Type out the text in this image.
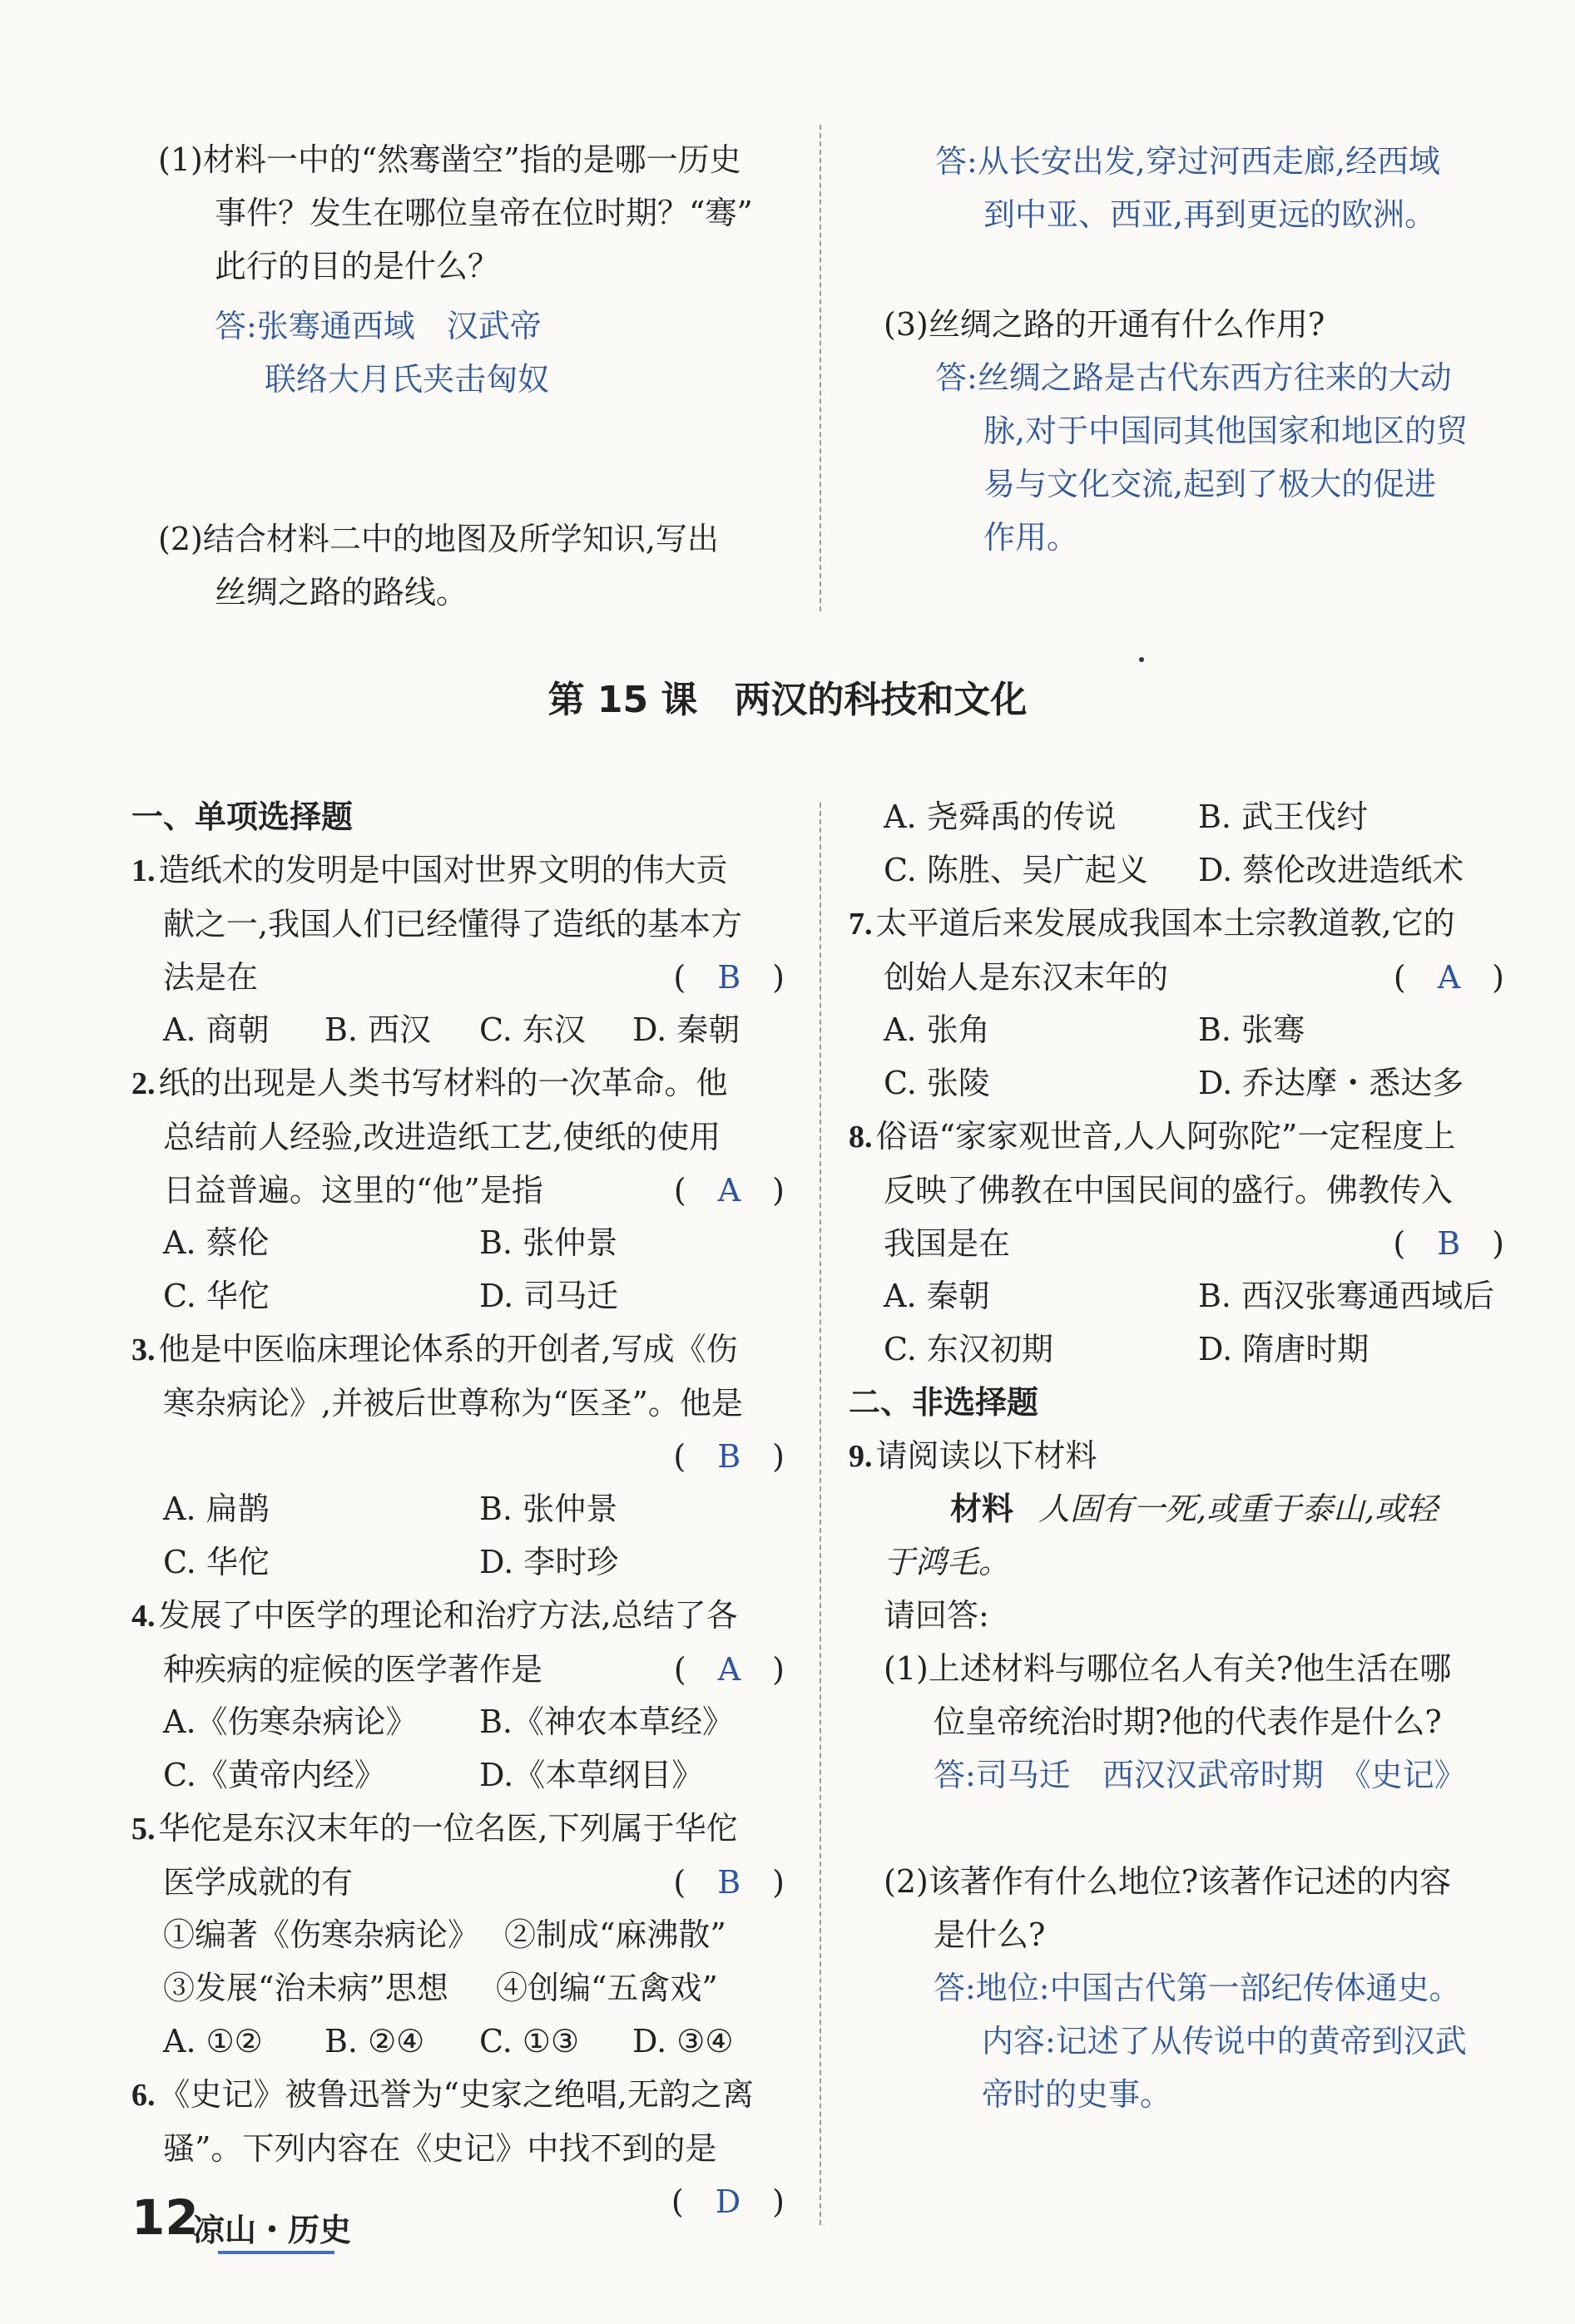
(1)材料一中的“然骞凿空”指的是哪一历史
事件？发生在哪位皇帝在位时期？“骞”
此行的目的是什么？
答:张骞通西域　汉武帝
联络大月氏夹击匈奴
(2)结合材料二中的地图及所学知识,写出
丝绸之路的路线。
答:从长安出发,穿过河西走廊,经西域
到中亚、西亚,再到更远的欧洲。
(3)丝绸之路的开通有什么作用?
答:丝绸之路是古代东西方往来的大动
脉,对于中国同其他国家和地区的贸
易与文化交流,起到了极大的促进
作用。
第 15 课　两汉的科技和文化
一、单项选择题
1. 造纸术的发明是中国对世界文明的伟大贡
献之一,我国人们已经懂得了造纸的基本方
法是在	(　B　)
A. 商朝 B. 西汉 C. 东汉 D. 秦朝
2. 纸的出现是人类书写材料的一次革命。他
总结前人经验,改进造纸工艺,使纸的使用
日益普遍。这里的“他”是指	(　A　)
A. 蔡伦	B. 张仲景
C. 华佗	D. 司马迁
3. 他是中医临床理论体系的开创者,写成《伤
寒杂病论》,并被后世尊称为“医圣”。他是
(　B　)
A. 扁鹊	B. 张仲景
C. 华佗	D. 李时珍
4. 发展了中医学的理论和治疗方法,总结了各
种疾病的症候的医学著作是	(　A　)
A.《伤寒杂病论》 B.《神农本草经》
C.《黄帝内经》	D.《本草纲目》
5. 华佗是东汉末年的一位名医,下列属于华佗
医学成就的有	(　B　)
①编著《伤寒杂病论》 ②制成“麻沸散”
③发展“治未病”思想 ④创编“五禽戏”
A. ①② B. ②④ C. ①③ D. ③④
6. 《史记》被鲁迅誉为“史家之绝唱,无韵之离
骚”。下列内容在《史记》中找不到的是
(　D　)
A. 尧舜禹的传说	B. 武王伐纣
C. 陈胜、吴广起义 D. 蔡伦改进造纸术
7. 太平道后来发展成我国本土宗教道教,它的
创始人是东汉末年的	(　A　)
A. 张角	B. 张骞
C. 张陵	D. 乔达摩・悉达多
8. 俗语“家家观世音,人人阿弥陀”一定程度上
反映了佛教在中国民间的盛行。佛教传入
我国是在	(　B　)
A. 秦朝	B. 西汉张骞通西域后
C. 东汉初期	D. 隋唐时期
二、非选择题
9. 请阅读以下材料
材料 人固有一死,或重于泰山,或轻
于鸿毛。
请回答:
(1)上述材料与哪位名人有关?他生活在哪
位皇帝统治时期?他的代表作是什么?
答:司马迁　西汉汉武帝时期　《史记》
(2)该著作有什么地位?该著作记述的内容
是什么?
答:地位:中国古代第一部纪传体通史。
内容:记述了从传说中的黄帝到汉武
帝时的史事。
12
凉山・历史
